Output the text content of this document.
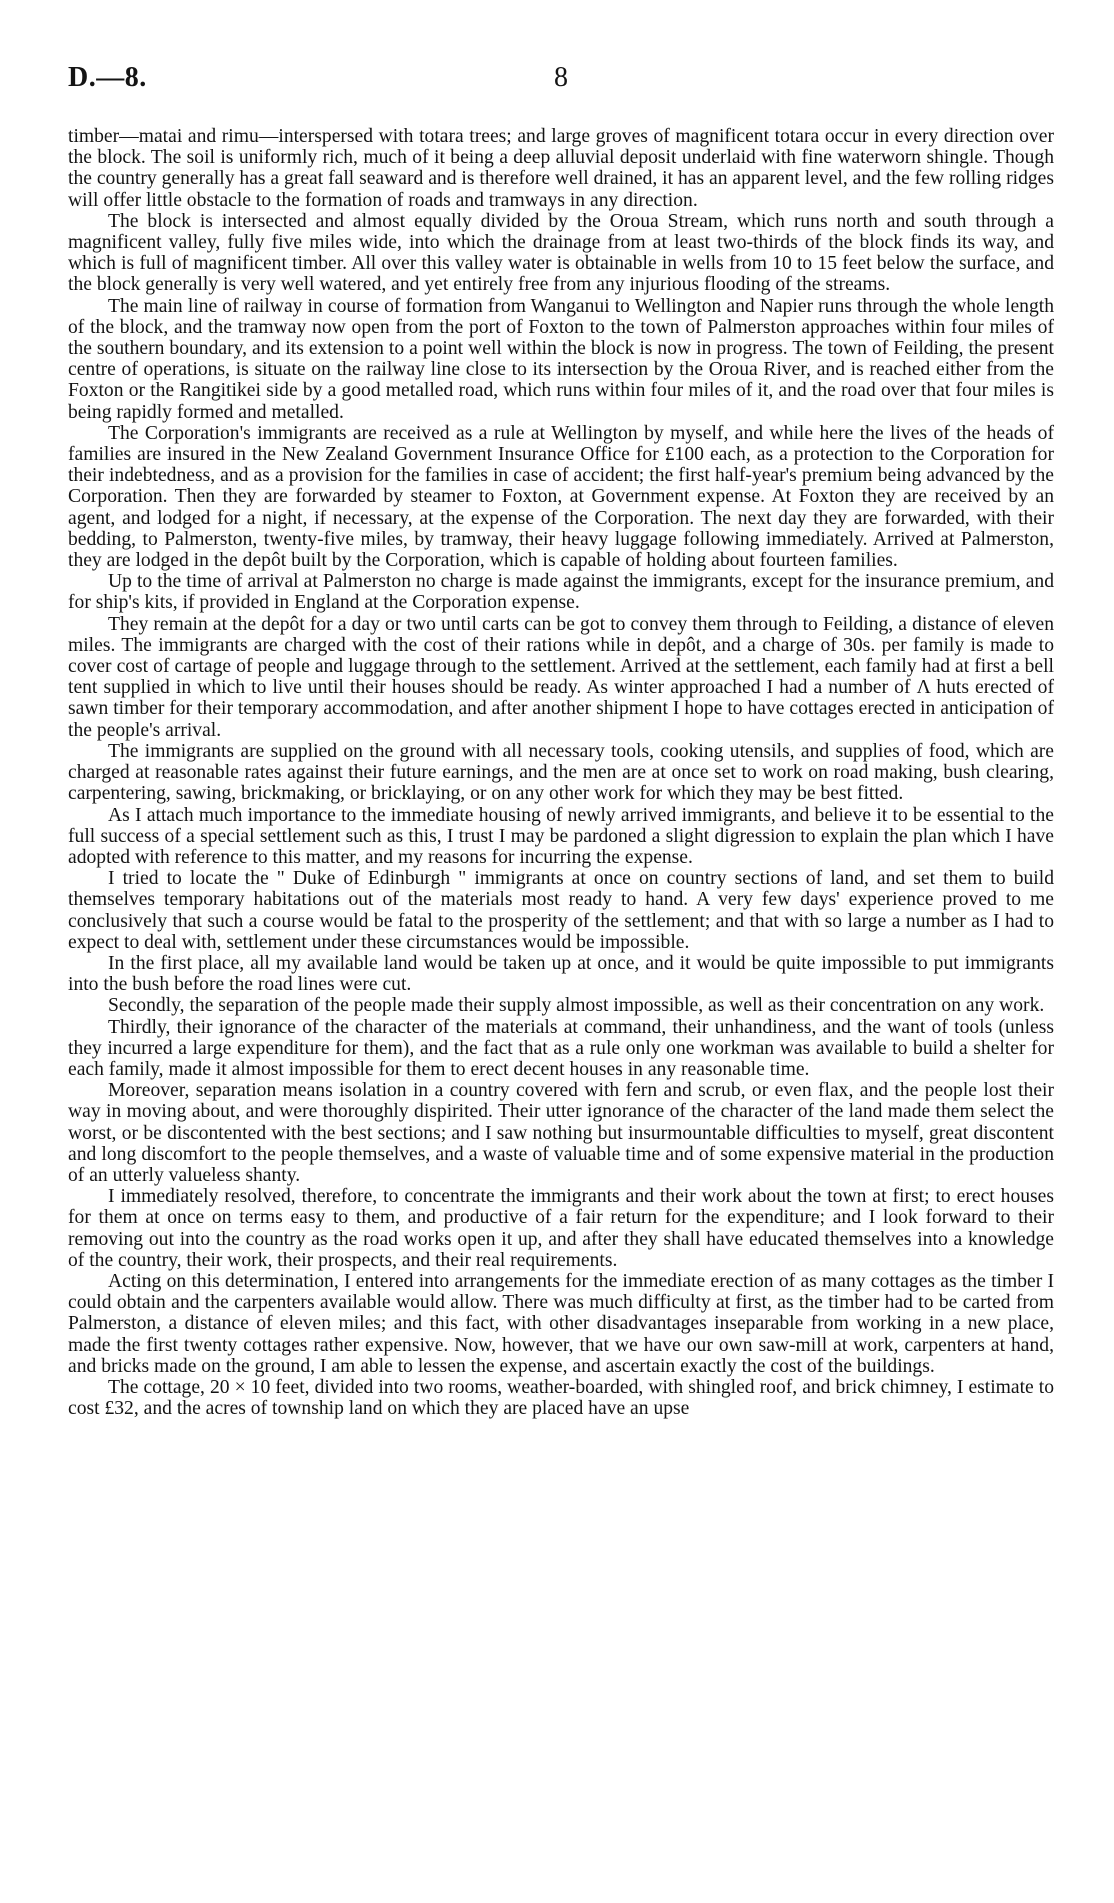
D.—8.	8

timber—matai and rimu—interspersed with totara trees; and large groves of magnificent totara occur in every direction over the block. The soil is uniformly rich, much of it being a deep alluvial deposit underlaid with fine waterworn shingle. Though the country generally has a great fall seaward and is therefore well drained, it has an apparent level, and the few rolling ridges will offer little obstacle to the formation of roads and tramways in any direction.

The block is intersected and almost equally divided by the Oroua Stream, which runs north and south through a magnificent valley, fully five miles wide, into which the drainage from at least two-thirds of the block finds its way, and which is full of magnificent timber. All over this valley water is obtainable in wells from 10 to 15 feet below the surface, and the block generally is very well watered, and yet entirely free from any injurious flooding of the streams.

The main line of railway in course of formation from Wanganui to Wellington and Napier runs through the whole length of the block, and the tramway now open from the port of Foxton to the town of Palmerston approaches within four miles of the southern boundary, and its extension to a point well within the block is now in progress. The town of Feilding, the present centre of operations, is situate on the railway line close to its intersection by the Oroua River, and is reached either from the Foxton or the Rangitikei side by a good metalled road, which runs within four miles of it, and the road over that four miles is being rapidly formed and metalled.

The Corporation's immigrants are received as a rule at Wellington by myself, and while here the lives of the heads of families are insured in the New Zealand Government Insurance Office for £100 each, as a protection to the Corporation for their indebtedness, and as a provision for the families in case of accident; the first half-year's premium being advanced by the Corporation. Then they are forwarded by steamer to Foxton, at Government expense. At Foxton they are received by an agent, and lodged for a night, if necessary, at the expense of the Corporation. The next day they are forwarded, with their bedding, to Palmerston, twenty-five miles, by tramway, their heavy luggage following immediately. Arrived at Palmerston, they are lodged in the depôt built by the Corporation, which is capable of holding about fourteen families.

Up to the time of arrival at Palmerston no charge is made against the immigrants, except for the insurance premium, and for ship's kits, if provided in England at the Corporation expense.

They remain at the depôt for a day or two until carts can be got to convey them through to Feilding, a distance of eleven miles. The immigrants are charged with the cost of their rations while in depôt, and a charge of 30s. per family is made to cover cost of cartage of people and luggage through to the settlement. Arrived at the settlement, each family had at first a bell tent supplied in which to live until their houses should be ready. As winter approached I had a number of Λ huts erected of sawn timber for their temporary accommodation, and after another shipment I hope to have cottages erected in anticipation of the people's arrival.

The immigrants are supplied on the ground with all necessary tools, cooking utensils, and supplies of food, which are charged at reasonable rates against their future earnings, and the men are at once set to work on road making, bush clearing, carpentering, sawing, brickmaking, or bricklaying, or on any other work for which they may be best fitted.

As I attach much importance to the immediate housing of newly arrived immigrants, and believe it to be essential to the full success of a special settlement such as this, I trust I may be pardoned a slight digression to explain the plan which I have adopted with reference to this matter, and my reasons for incurring the expense.

I tried to locate the " Duke of Edinburgh " immigrants at once on country sections of land, and set them to build themselves temporary habitations out of the materials most ready to hand. A very few days' experience proved to me conclusively that such a course would be fatal to the prosperity of the settlement; and that with so large a number as I had to expect to deal with, settlement under these circumstances would be impossible.

In the first place, all my available land would be taken up at once, and it would be quite impossible to put immigrants into the bush before the road lines were cut.

Secondly, the separation of the people made their supply almost impossible, as well as their concentration on any work.

Thirdly, their ignorance of the character of the materials at command, their unhandiness, and the want of tools (unless they incurred a large expenditure for them), and the fact that as a rule only one workman was available to build a shelter for each family, made it almost impossible for them to erect decent houses in any reasonable time.

Moreover, separation means isolation in a country covered with fern and scrub, or even flax, and the people lost their way in moving about, and were thoroughly dispirited. Their utter ignorance of the character of the land made them select the worst, or be discontented with the best sections; and I saw nothing but insurmountable difficulties to myself, great discontent and long discomfort to the people themselves, and a waste of valuable time and of some expensive material in the production of an utterly valueless shanty.

I immediately resolved, therefore, to concentrate the immigrants and their work about the town at first; to erect houses for them at once on terms easy to them, and productive of a fair return for the expenditure; and I look forward to their removing out into the country as the road works open it up, and after they shall have educated themselves into a knowledge of the country, their work, their prospects, and their real requirements.

Acting on this determination, I entered into arrangements for the immediate erection of as many cottages as the timber I could obtain and the carpenters available would allow. There was much difficulty at first, as the timber had to be carted from Palmerston, a distance of eleven miles; and this fact, with other disadvantages inseparable from working in a new place, made the first twenty cottages rather expensive. Now, however, that we have our own saw-mill at work, carpenters at hand, and bricks made on the ground, I am able to lessen the expense, and ascertain exactly the cost of the buildings.

The cottage, 20 × 10 feet, divided into two rooms, weather-boarded, with shingled roof, and brick chimney, I estimate to cost £32, and the acres of township land on which they are placed have an upse
